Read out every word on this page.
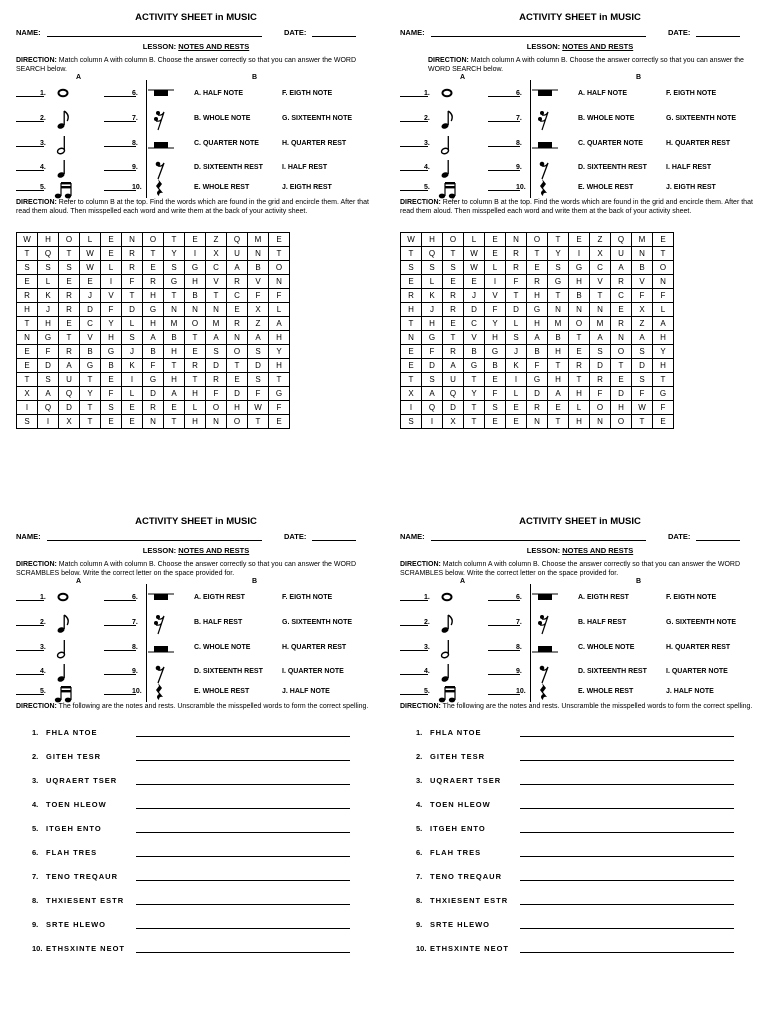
ACTIVITY SHEET in MUSIC
NAME:	DATE:
LESSON: NOTES AND RESTS
DIRECTION: Match column A with column B. Choose the answer correctly so that you can answer the WORD SEARCH below.
A	B
1.	6.	A. HALF NOTE	F. EIGTH NOTE
2.	7.	B. WHOLE NOTE	G. SIXTEENTH NOTE
3.	8.	C. QUARTER NOTE	H. QUARTER REST
4.	9.	D. SIXTEENTH REST	I. HALF REST
5.	10.	E. WHOLE REST	J. EIGTH REST
DIRECTION: Refer to column B at the top. Find the words which are found in the grid and encircle them. After that read them aloud. Then misspelled each word and write them at the back of your activity sheet.
W	H	O	L	E	N	O	T	E	Z	Q	M	E
T	Q	T	W	E	R	T	Y	I	X	U	N	T
S	S	S	W	L	R	E	S	G	C	A	B	O
E	L	E	E	I	F	R	G	H	V	R	V	N
R	K	R	J	V	T	H	T	B	T	C	F	F
H	J	R	D	F	D	G	N	N	N	E	X	L
T	H	E	C	Y	L	H	M	O	M	R	Z	A
N	G	T	V	H	S	A	B	T	A	N	A	H
E	F	R	B	G	J	B	H	E	S	O	S	Y
E	D	A	G	B	K	F	T	R	D	T	D	H
T	S	U	T	E	I	G	H	T	R	E	S	T
X	A	Q	Y	F	L	D	A	H	F	D	F	G
I	Q	D	T	S	E	R	E	L	O	H	W	F
S	I	X	T	E	E	N	T	H	N	O	T	E
ACTIVITY SHEET in MUSIC
NAME:	DATE:
LESSON: NOTES AND RESTS
DIRECTION: Match column A with column B. Choose the answer correctly so that you can answer the WORD SEARCH below.
A	B
1.	6.	A. HALF NOTE	F. EIGTH NOTE
2.	7.	B. WHOLE NOTE	G. SIXTEENTH NOTE
3.	8.	C. QUARTER NOTE	H. QUARTER REST
4.	9.	D. SIXTEENTH REST	I. HALF REST
5.	10.	E. WHOLE REST	J. EIGTH REST
DIRECTION: Refer to column B at the top. Find the words which are found in the grid and encircle them. After that read them aloud. Then misspelled each word and write them at the back of your activity sheet.
W	H	O	L	E	N	O	T	E	Z	Q	M	E
T	Q	T	W	E	R	T	Y	I	X	U	N	T
S	S	S	W	L	R	E	S	G	C	A	B	O
E	L	E	E	I	F	R	G	H	V	R	V	N
R	K	R	J	V	T	H	T	B	T	C	F	F
H	J	R	D	F	D	G	N	N	N	E	X	L
T	H	E	C	Y	L	H	M	O	M	R	Z	A
N	G	T	V	H	S	A	B	T	A	N	A	H
E	F	R	B	G	J	B	H	E	S	O	S	Y
E	D	A	G	B	K	F	T	R	D	T	D	H
T	S	U	T	E	I	G	H	T	R	E	S	T
X	A	Q	Y	F	L	D	A	H	F	D	F	G
I	Q	D	T	S	E	R	E	L	O	H	W	F
S	I	X	T	E	E	N	T	H	N	O	T	E
ACTIVITY SHEET in MUSIC
NAME:	DATE:
LESSON: NOTES AND RESTS
DIRECTION: Match column A with column B. Choose the answer correctly so that you can answer the WORD SCRAMBLES below. Write the correct letter on the space provided for.
A	B
1.	6.	A. EIGTH REST	F. EIGTH NOTE
2.	7.	B. HALF REST	G. SIXTEENTH NOTE
3.	8.	C. WHOLE NOTE	H. QUARTER REST
4.	9.	D. SIXTEENTH REST	I. QUARTER NOTE
5.	10.	E. WHOLE REST	J. HALF NOTE
DIRECTION: The following are the notes and rests. Unscramble the misspelled words to form the correct spelling.
1. FHLA NTOE
2. GITEH TESR
3. UQRAERT TSER
4. TOEN HLEOW
5. ITGEH ENTO
6. FLAH TRES
7. TENO TREQAUR
8. THXIESENT ESTR
9. SRTE HLEWO
10. ETHSXINTE NEOT
ACTIVITY SHEET in MUSIC
NAME:	DATE:
LESSON: NOTES AND RESTS
DIRECTION: Match column A with column B. Choose the answer correctly so that you can answer the WORD SCRAMBLES below. Write the correct letter on the space provided for.
A	B
1.	6.	A. EIGTH REST	F. EIGTH NOTE
2.	7.	B. HALF REST	G. SIXTEENTH NOTE
3.	8.	C. WHOLE NOTE	H. QUARTER REST
4.	9.	D. SIXTEENTH REST	I. QUARTER NOTE
5.	10.	E. WHOLE REST	J. HALF NOTE
DIRECTION: The following are the notes and rests. Unscramble the misspelled words to form the correct spelling.
1. FHLA NTOE
2. GITEH TESR
3. UQRAERT TSER
4. TOEN HLEOW
5. ITGEH ENTO
6. FLAH TRES
7. TENO TREQAUR
8. THXIESENT ESTR
9. SRTE HLEWO
10. ETHSXINTE NEOT
